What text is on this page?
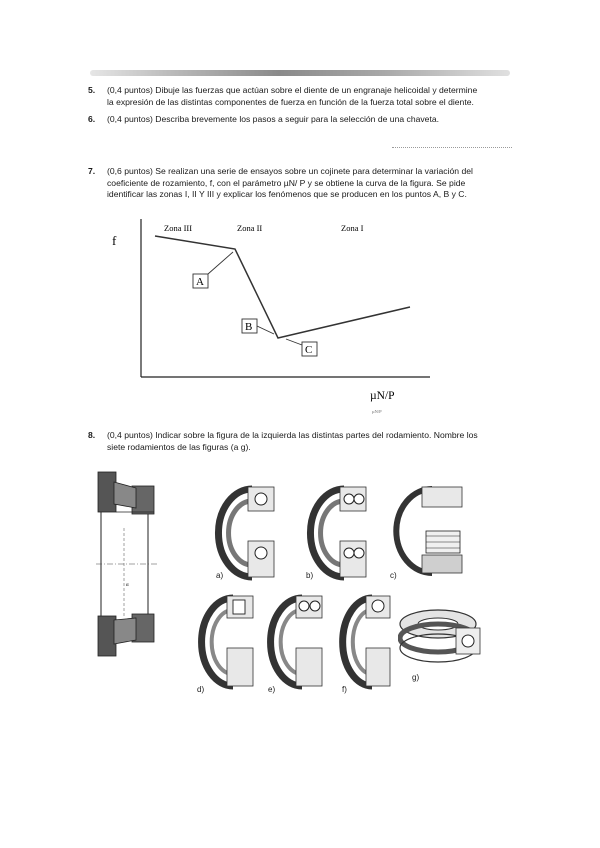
5. (0,4 puntos) Dibuje las fuerzas que actúan sobre el diente de un engranaje helicoidal y determine
la expresión de las distintas componentes de fuerza en función de la fuerza total sobre el diente.
6. (0,4 puntos) Describa brevemente los pasos a seguir para la selección de una chaveta.
7. (0,6 puntos) Se realizan una serie de ensayos sobre un cojinete para determinar la variación del
coeficiente de rozamiento, f, con el parámetro µN/ P y se obtiene la curva de la figura. Se pide
identificar las zonas I, II Y III y explicar los fenómenos que se producen en los puntos A, B y C.
f
Zona III	Zona II	Zona I
A
B
C
µN/P
µN/P
8. (0,4 puntos) Indicar sobre la figura de la izquierda las distintas partes del rodamiento. Nombre los
siete rodamientos de las figuras (a g).
α
a)	b)	c)
d)	e)	f)
g)
